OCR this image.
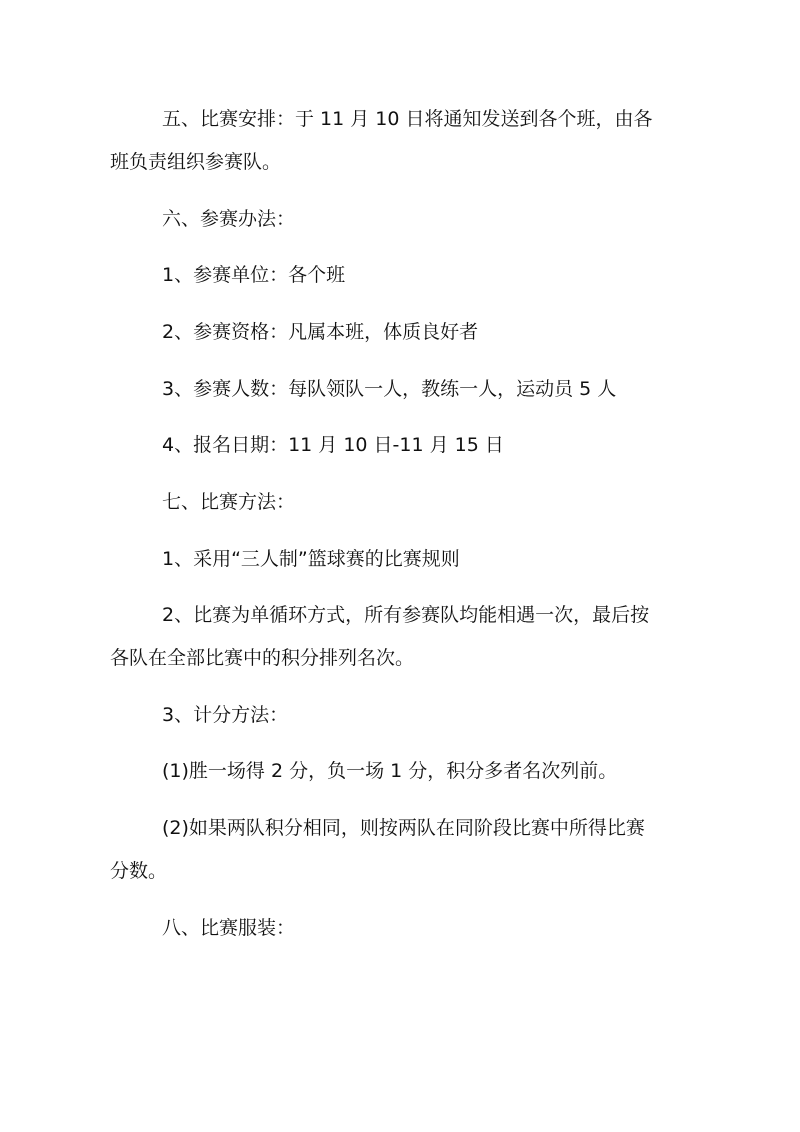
五、比赛安排：于 11 月 10 日将通知发送到各个班，由各
班负责组织参赛队。
六、参赛办法：
1、参赛单位：各个班
2、参赛资格：凡属本班，体质良好者
3、参赛人数：每队领队一人，教练一人，运动员 5 人
4、报名日期：11 月 10 日-11 月 15 日
七、比赛方法：
1、采用“三人制”篮球赛的比赛规则
2、比赛为单循环方式，所有参赛队均能相遇一次，最后按
各队在全部比赛中的积分排列名次。
3、计分方法：
(1)胜一场得 2 分，负一场 1 分，积分多者名次列前。
(2)如果两队积分相同，则按两队在同阶段比赛中所得比赛
分数。
八、比赛服装：
